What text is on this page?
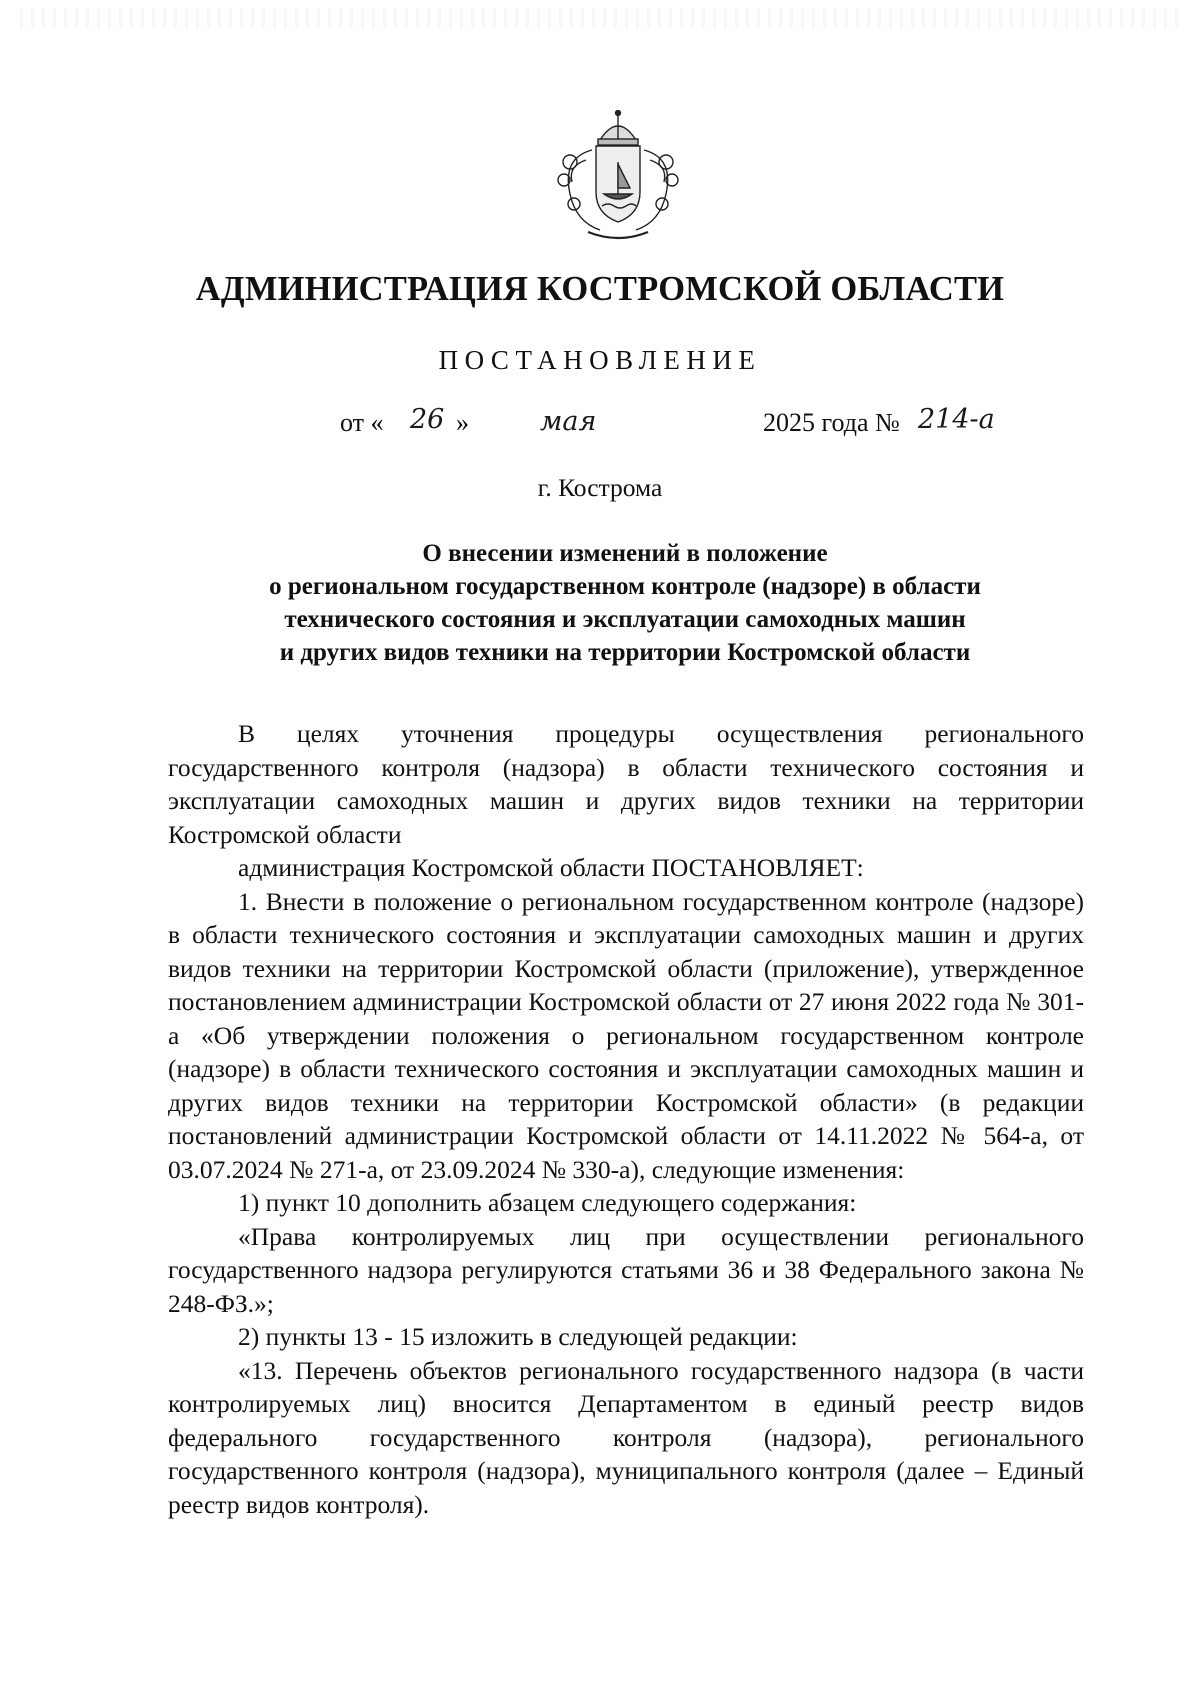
АДМИНИСТРАЦИЯ КОСТРОМСКОЙ ОБЛАСТИ
ПОСТАНОВЛЕНИЕ
от « 26 »	мая	2025 года № 214-а
г. Кострома
О внесении изменений в положение
о региональном государственном контроле (надзоре) в области
технического состояния и эксплуатации самоходных машин
и других видов техники на территории Костромской области

В целях уточнения процедуры осуществления регионального государственного контроля (надзора) в области технического состояния и эксплуатации самоходных машин и других видов техники на территории Костромской области

администрация Костромской области ПОСТАНОВЛЯЕТ:

1. Внести в положение о региональном государственном контроле (надзоре) в области технического состояния и эксплуатации самоходных машин и других видов техники на территории Костромской области (приложение), утвержденное постановлением администрации Костромской области от 27 июня 2022 года № 301-а «Об утверждении положения о региональном государственном контроле (надзоре) в области технического состояния и эксплуатации самоходных машин и других видов техники на территории Костромской области» (в редакции постановлений администрации Костромской области от 14.11.2022 № 564-а, от 03.07.2024 № 271-а, от 23.09.2024 № 330-а), следующие изменения:

1) пункт 10 дополнить абзацем следующего содержания:

«Права контролируемых лиц при осуществлении регионального государственного надзора регулируются статьями 36 и 38 Федерального закона № 248-ФЗ.»;

2) пункты 13 - 15 изложить в следующей редакции:

«13. Перечень объектов регионального государственного надзора (в части контролируемых лиц) вносится Департаментом в единый реестр видов федерального государственного контроля (надзора), регионального государственного контроля (надзора), муниципального контроля (далее – Единый реестр видов контроля).
